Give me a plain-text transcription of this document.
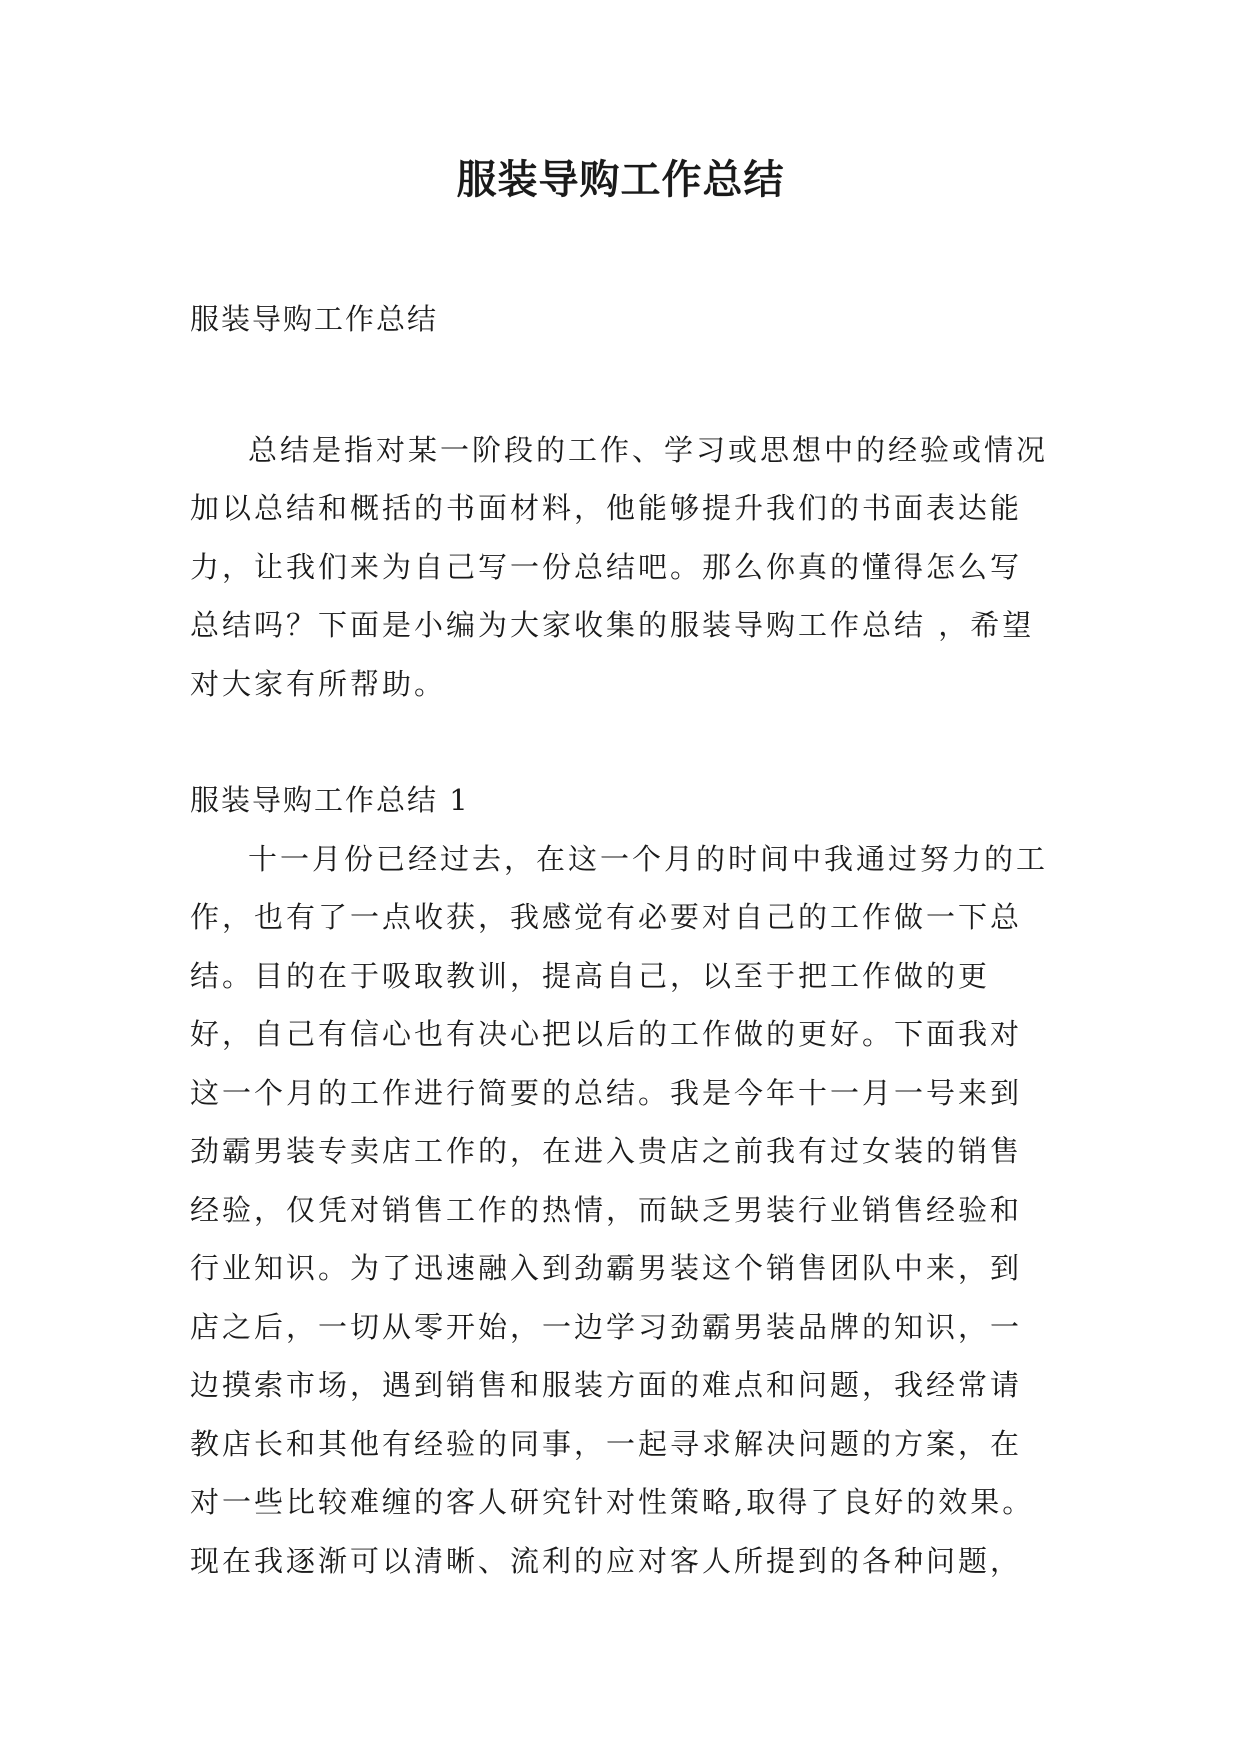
服装导购工作总结

服装导购工作总结

总结是指对某一阶段的工作、学习或思想中的经验或情况加以总结和概括的书面材料，他能够提升我们的书面表达能力，让我们来为自己写一份总结吧。那么你真的懂得怎么写总结吗？下面是小编为大家收集的服装导购工作总结 ，希望对大家有所帮助。

服装导购工作总结 1

十一月份已经过去，在这一个月的时间中我通过努力的工作，也有了一点收获，我感觉有必要对自己的工作做一下总结。目的在于吸取教训，提高自己，以至于把工作做的更好，自己有信心也有决心把以后的工作做的更好。下面我对这一个月的工作进行简要的总结。我是今年十一月一号来到劲霸男装专卖店工作的，在进入贵店之前我有过女装的销售经验，仅凭对销售工作的热情，而缺乏男装行业销售经验和行业知识。为了迅速融入到劲霸男装这个销售团队中来，到店之后，一切从零开始，一边学习劲霸男装品牌的知识，一边摸索市场，遇到销售和服装方面的难点和问题，我经常请教店长和其他有经验的同事，一起寻求解决问题的方案，在对一些比较难缠的客人研究针对性策略,取得了良好的效果。现在我逐渐可以清晰、流利的应对客人所提到的各种问题，
